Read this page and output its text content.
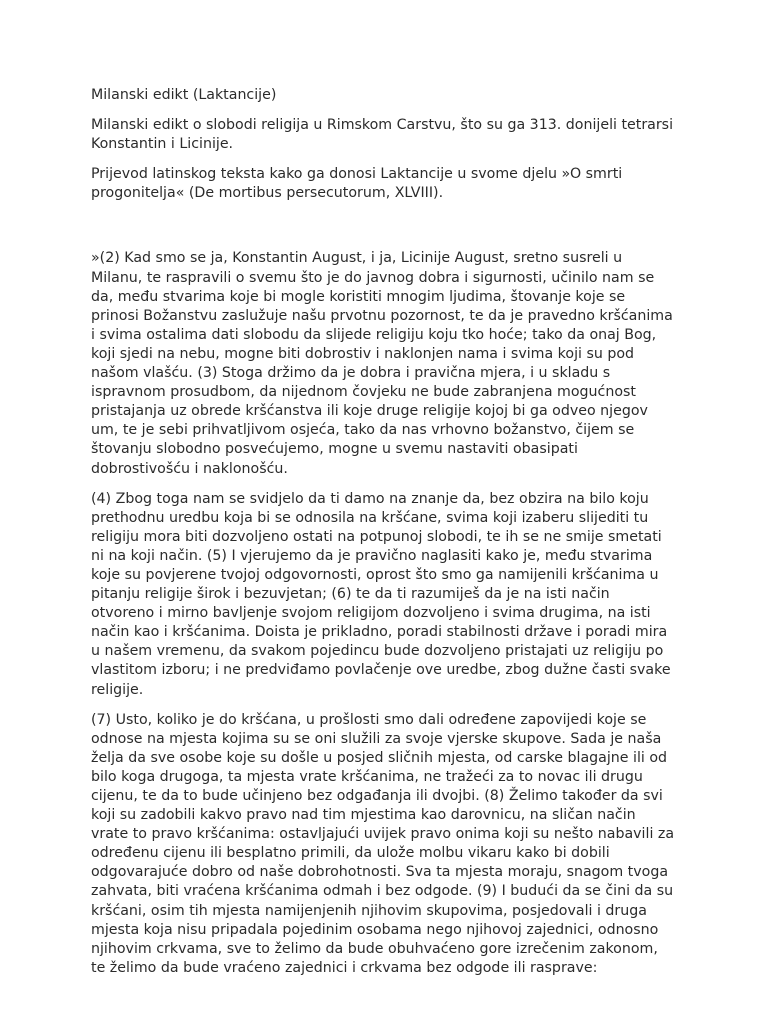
Milanski edikt (Laktancije)

Milanski edikt o slobodi religija u Rimskom Carstvu, što su ga 313. donijeli tetrarsi
Konstantin i Licinije.

Prijevod latinskog teksta kako ga donosi Laktancije u svome djelu »O smrti
progonitelja« (De mortibus persecutorum, XLVIII).

»(2) Kad smo se ja, Konstantin August, i ja, Licinije August, sretno susreli u
Milanu, te raspravili o svemu što je do javnog dobra i sigurnosti, učinilo nam se
da, među stvarima koje bi mogle koristiti mnogim ljudima, štovanje koje se
prinosi Božanstvu zaslužuje našu prvotnu pozornost, te da je pravedno kršćanima
i svima ostalima dati slobodu da slijede religiju koju tko hoće; tako da onaj Bog,
koji sjedi na nebu, mogne biti dobrostiv i naklonjen nama i svima koji su pod
našom vlašću. (3) Stoga držimo da je dobra i pravična mjera, i u skladu s
ispravnom prosudbom, da nijednom čovjeku ne bude zabranjena mogućnost
pristajanja uz obrede kršćanstva ili koje druge religije kojoj bi ga odveo njegov
um, te je sebi prihvatljivom osjeća, tako da nas vrhovno božanstvo, čijem se
štovanju slobodno posvećujemo, mogne u svemu nastaviti obasipati
dobrostivošću i naklonošću.

(4) Zbog toga nam se svidjelo da ti damo na znanje da, bez obzira na bilo koju
prethodnu uredbu koja bi se odnosila na kršćane, svima koji izaberu slijediti tu
religiju mora biti dozvoljeno ostati na potpunoj slobodi, te ih se ne smije smetati
ni na koji način. (5) I vjerujemo da je pravično naglasiti kako je, među stvarima
koje su povjerene tvojoj odgovornosti, oprost što smo ga namijenili kršćanima u
pitanju religije širok i bezuvjetan; (6) te da ti razumiješ da je na isti način
otvoreno i mirno bavljenje svojom religijom dozvoljeno i svima drugima, na isti
način kao i kršćanima. Doista je prikladno, poradi stabilnosti države i poradi mira
u našem vremenu, da svakom pojedincu bude dozvoljeno pristajati uz religiju po
vlastitom izboru; i ne predviđamo povlačenje ove uredbe, zbog dužne časti svake
religije.

(7) Usto, koliko je do kršćana, u prošlosti smo dali određene zapovijedi koje se
odnose na mjesta kojima su se oni služili za svoje vjerske skupove. Sada je naša
želja da sve osobe koje su došle u posjed sličnih mjesta, od carske blagajne ili od
bilo koga drugoga, ta mjesta vrate kršćanima, ne tražeći za to novac ili drugu
cijenu, te da to bude učinjeno bez odgađanja ili dvojbi. (8) Želimo također da svi
koji su zadobili kakvo pravo nad tim mjestima kao darovnicu, na sličan način
vrate to pravo kršćanima: ostavljajući uvijek pravo onima koji su nešto nabavili za
određenu cijenu ili besplatno primili, da ulože molbu vikaru kako bi dobili
odgovarajuće dobro od naše dobrohotnosti. Sva ta mjesta moraju, snagom tvoga
zahvata, biti vraćena kršćanima odmah i bez odgode. (9) I budući da se čini da su
kršćani, osim tih mjesta namijenjenih njihovim skupovima, posjedovali i druga
mjesta koja nisu pripadala pojedinim osobama nego njihovoj zajednici, odnosno
njihovim crkvama, sve to želimo da bude obuhvaćeno gore izrečenim zakonom,
te želimo da bude vraćeno zajednici i crkvama bez odgode ili rasprave:
